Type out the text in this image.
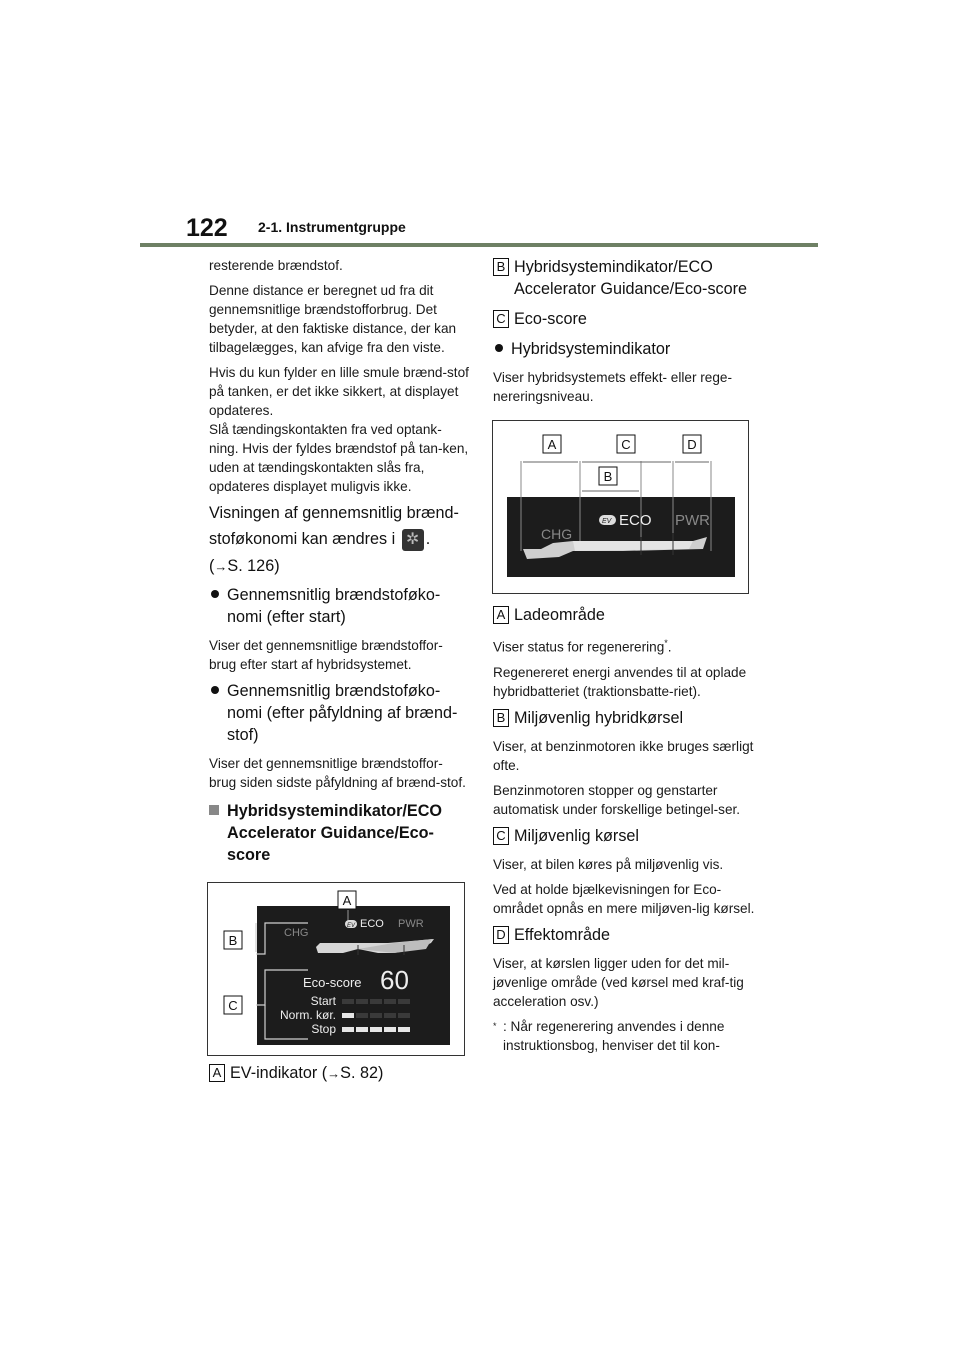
122 2-1. Instrumentgruppe

resterende brændstof.

Denne distance er beregnet ud fra dit gennemsnitlige brændstofforbrug. Det betyder, at den faktiske distance, der kan tilbagelægges, kan afvige fra den viste.

Hvis du kun fylder en lille smule brænd-stof på tanken, er det ikke sikkert, at displayet opdateres.

Slå tændingskontakten fra ved optank-ning. Hvis der fyldes brændstof på tan-ken, uden at tændingskontakten slås fra, opdateres displayet muligvis ikke.

Visningen af gennemsnitlig brænd-
stoføkonomi kan ændres i ✲ .
(→S. 126)
Gennemsnitlig brændstoføko-nomi (efter start)

Viser det gennemsnitlige brændstoffor-brug efter start af hybridsystemet.

Gennemsnitlig brændstoføko-nomi (efter påfyldning af brænd-stof)

Viser det gennemsnitlige brændstoffor-brug siden sidste påfyldning af brænd-stof.

Hybridsystemindikator/ECO Accelerator Guidance/Eco-score
CHG
EV ECO PWR
Eco-score 60
Start
Norm. kør.
Stop
A
B
C
A EV-indikator (→S. 82)
B Hybridsystemindikator/ECO Accelerator Guidance/Eco-score
C Eco-score
Hybridsystemindikator

Viser hybridsystemets effekt- eller rege-nereringsniveau.

CHG
EV ECO PWR
A	C	D
B
A Ladeområde

Viser status for regenerering*.

Regenereret energi anvendes til at oplade hybridbatteriet (traktionsbatte-riet).

B Miljøvenlig hybridkørsel

Viser, at benzinmotoren ikke bruges særligt ofte.

Benzinmotoren stopper og genstarter automatisk under forskellige betingel-ser.

C Miljøvenlig kørsel

Viser, at bilen køres på miljøvenlig vis.

Ved at holde bjælkevisningen for Eco-området opnås en mere miljøven-lig kørsel.

D Effektområde

Viser, at kørslen ligger uden for det mil-jøvenlige område (ved kørsel med kraf-tig acceleration osv.)

* : Når regenerering anvendes i denne instruktionsbog, henviser det til kon-
